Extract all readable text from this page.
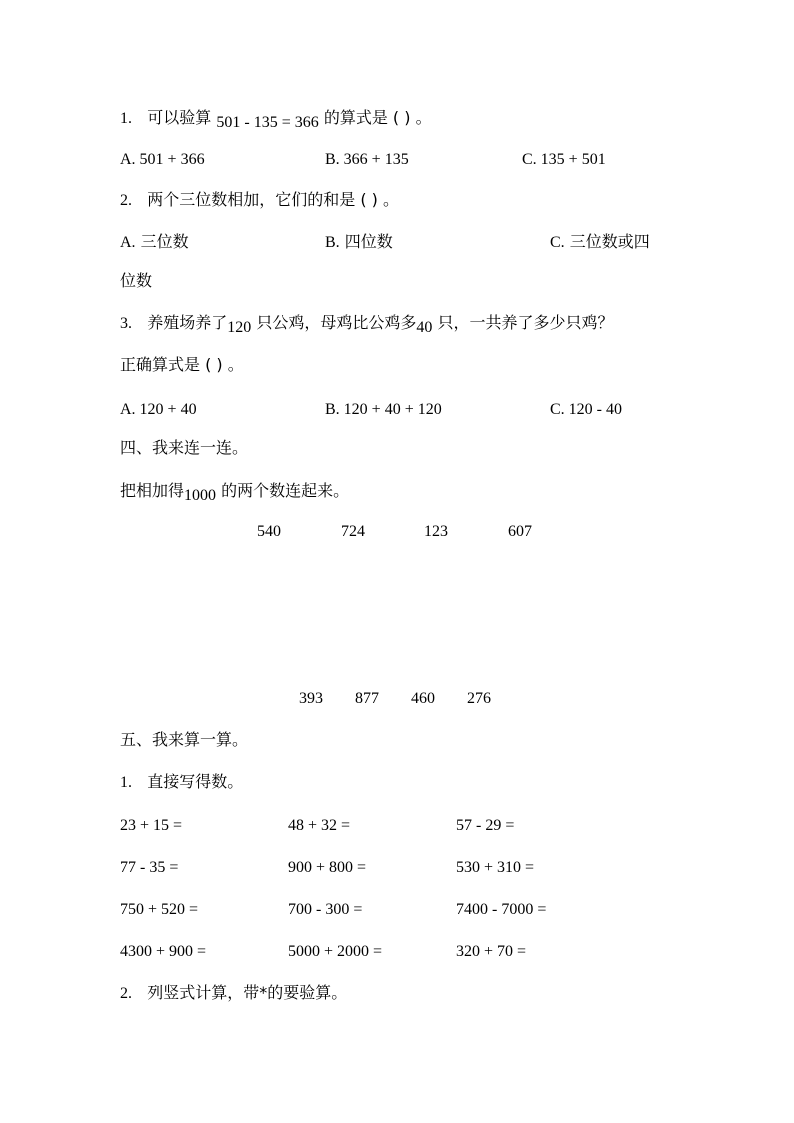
1. 可以验算 501 - 135 = 366 的算式是 ( ) 。
A. 501 + 366	B. 366 + 135	C. 135 + 501
2. 两个三位数相加，它们的和是 ( ) 。
A. 三位数	B. 四位数	C. 三位数或四
位数
3. 养殖场养了120 只公鸡，母鸡比公鸡多40 只，一共养了多少只鸡？
正确算式是 ( ) 。
A. 120 + 40	B. 120 + 40 + 120	C. 120 - 40
四、我来连一连。
把相加得1000 的两个数连起来。
540	724	123	607
393 877 460 276
五、我来算一算。
1. 直接写得数。
23 + 15 =	48 + 32 =	57 - 29 =
77 - 35 =	900 + 800 =	530 + 310 =
750 + 520 =	700 - 300 =	7400 - 7000 =
4300 + 900 =	5000 + 2000 =	320 + 70 =
2. 列竖式计算，带*的要验算。
